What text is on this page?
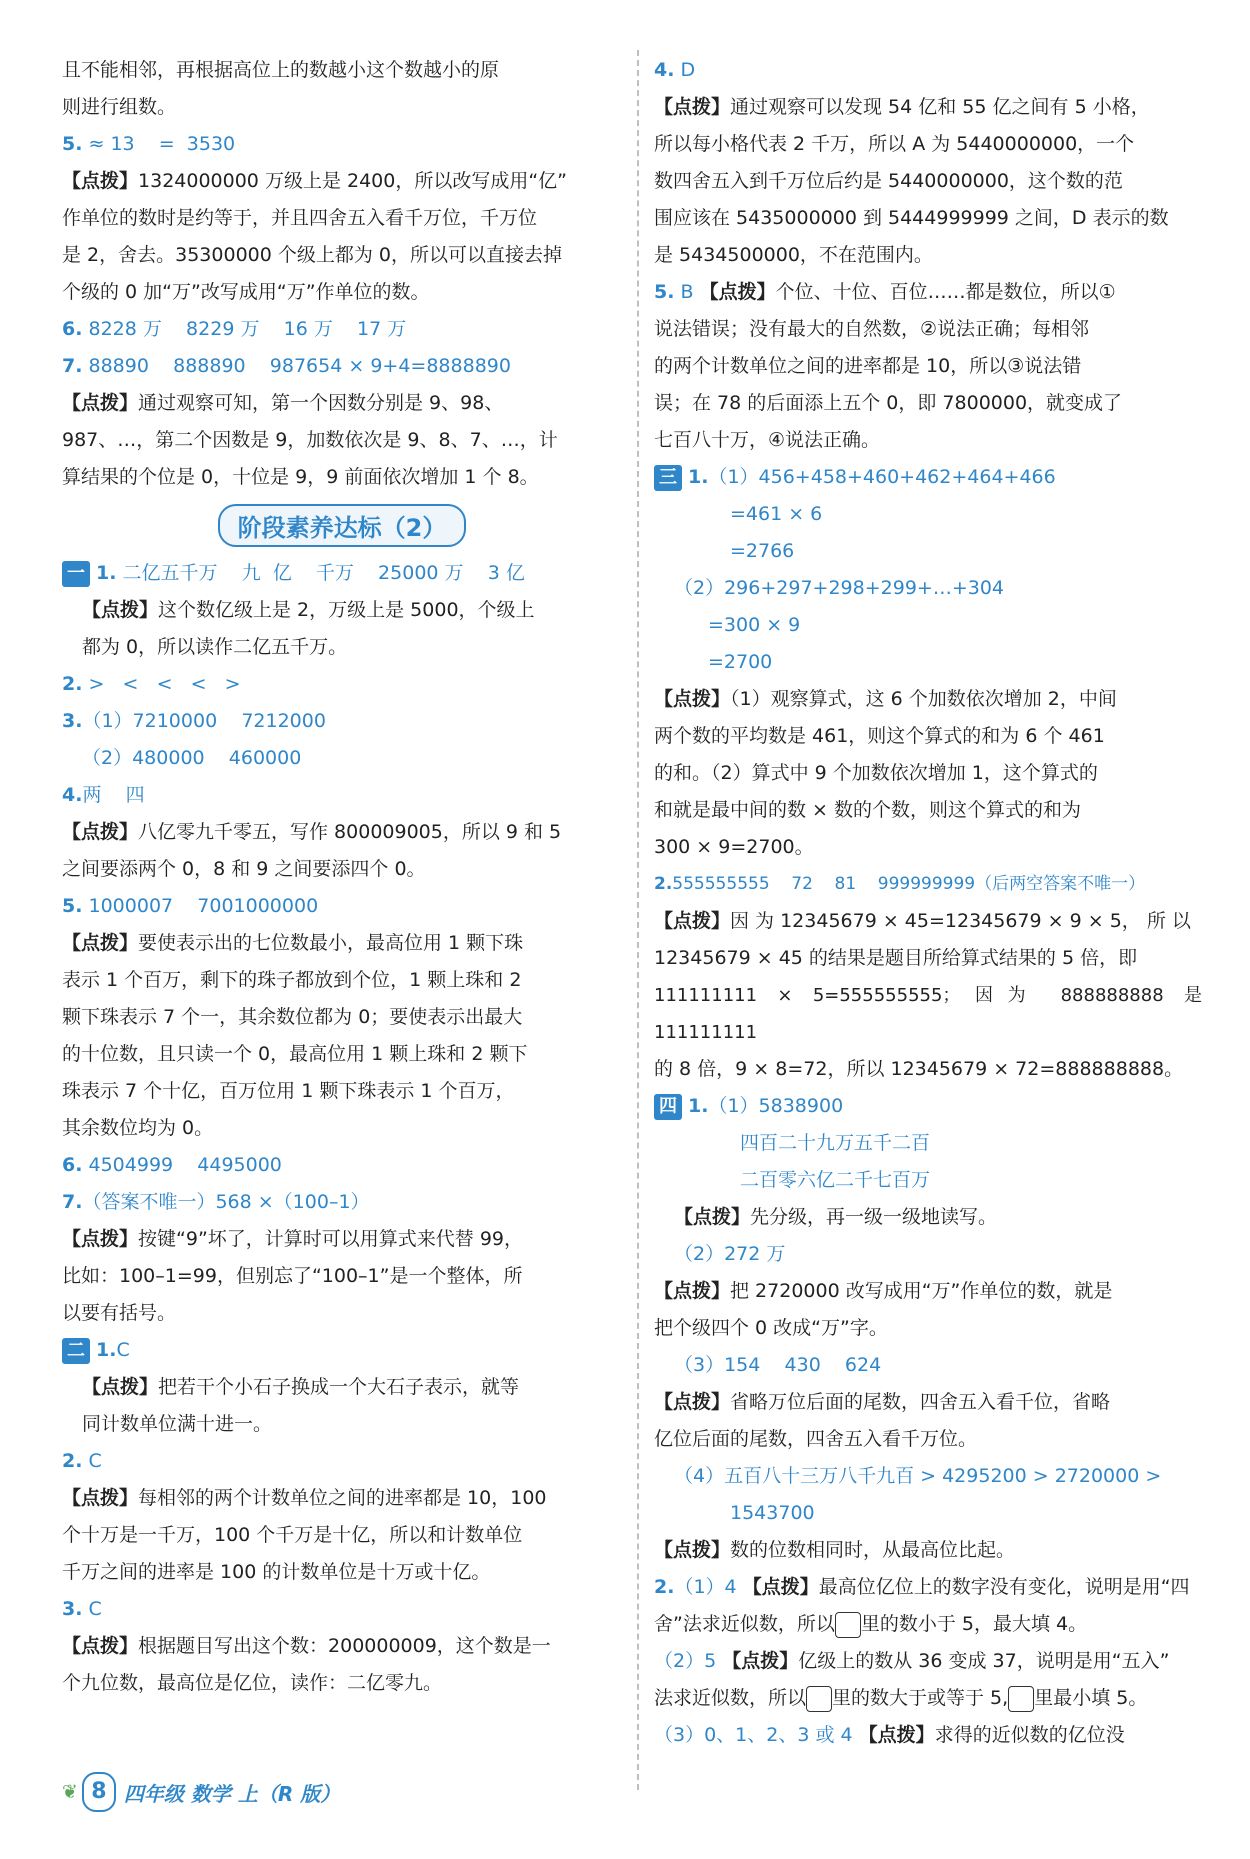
且不能相邻，再根据高位上的数越小这个数越小的原

则进行组数。

5. ≈ 13    =  3530

【点拨】1324000000 万级上是 2400，所以改写成用“亿”

作单位的数时是约等于，并且四舍五入看千万位，千万位

是 2，舍去。35300000 个级上都为 0，所以可以直接去掉

个级的 0 加“万”改写成用“万”作单位的数。

6. 8228 万    8229 万    16 万    17 万

7. 88890    888890    987654 × 9+4=8888890

【点拨】通过观察可知，第一个因数分别是 9、98、

987、…，第二个因数是 9，加数依次是 9、8、7、…，计

算结果的个位是 0，十位是 9，9 前面依次增加 1 个 8。

阶段素养达标（2）

一 1. 二亿五千万    九  亿    千万    25000 万    3 亿

【点拨】这个数亿级上是 2，万级上是 5000，个级上

都为 0，所以读作二亿五千万。

2. >   <   <   <   >

3.（1）7210000    7212000

（2）480000    460000

4.两    四

【点拨】八亿零九千零五，写作 800009005，所以 9 和 5

之间要添两个 0，8 和 9 之间要添四个 0。

5. 1000007    7001000000

【点拨】要使表示出的七位数最小，最高位用 1 颗下珠

表示 1 个百万，剩下的珠子都放到个位，1 颗上珠和 2

颗下珠表示 7 个一，其余数位都为 0；要使表示出最大

的十位数，且只读一个 0，最高位用 1 颗上珠和 2 颗下

珠表示 7 个十亿，百万位用 1 颗下珠表示 1 个百万，

其余数位均为 0。

6. 4504999    4495000

7.（答案不唯一）568 ×（100–1）

【点拨】按键“9”坏了，计算时可以用算式来代替 99，

比如：100–1=99，但别忘了“100–1”是一个整体，所

以要有括号。

二 1.C

【点拨】把若干个小石子换成一个大石子表示，就等

同计数单位满十进一。

2. C

【点拨】每相邻的两个计数单位之间的进率都是 10，100

个十万是一千万，100 个千万是十亿，所以和计数单位

千万之间的进率是 100 的计数单位是十万或十亿。

3. C

【点拨】根据题目写出这个数：200000009，这个数是一

个九位数，最高位是亿位，读作：二亿零九。

4. D

【点拨】通过观察可以发现 54 亿和 55 亿之间有 5 小格，

所以每小格代表 2 千万，所以 A 为 5440000000，一个

数四舍五入到千万位后约是 5440000000，这个数的范

围应该在 5435000000 到 5444999999 之间，D 表示的数

是 5434500000，不在范围内。

5. B 【点拨】个位、十位、百位……都是数位，所以①

说法错误；没有最大的自然数，②说法正确；每相邻

的两个计数单位之间的进率都是 10，所以③说法错

误；在 78 的后面添上五个 0，即 7800000，就变成了

七百八十万，④说法正确。

三 1.（1）456+458+460+462+464+466

=461 × 6

=2766

（2）296+297+298+299+…+304

=300 × 9

=2700

【点拨】（1）观察算式，这 6 个加数依次增加 2，中间

两个数的平均数是 461，则这个算式的和为 6 个 461

的和。（2）算式中 9 个加数依次增加 1，这个算式的

和就是最中间的数 × 数的个数，则这个算式的和为

300 × 9=2700。

2.555555555    72    81    999999999（后两空答案不唯一）

【点拨】因 为 12345679 × 45=12345679 × 9 × 5， 所 以

12345679 × 45 的结果是题目所给算式结果的 5 倍，即

111111111 × 5=555555555；因为 888888888 是 111111111

的 8 倍，9 × 8=72，所以 12345679 × 72=888888888。

四 1.（1）5838900

四百二十九万五千二百

二百零六亿二千七百万

【点拨】先分级，再一级一级地读写。

（2）272 万

【点拨】把 2720000 改写成用“万”作单位的数，就是

把个级四个 0 改成“万”字。

（3）154    430    624

【点拨】省略万位后面的尾数，四舍五入看千位，省略

亿位后面的尾数，四舍五入看千万位。

（4）五百八十三万八千九百 > 4295200 > 2720000 >

1543700

【点拨】数的位数相同时，从最高位比起。

2.（1）4 【点拨】最高位亿位上的数字没有变化，说明是用“四

舍”法求近似数，所以 里的数小于 5，最大填 4。

（2）5 【点拨】亿级上的数从 36 变成 37，说明是用“五入”

法求近似数，所以 里的数大于或等于 5, 里最小填 5。

（3）0、1、2、3 或 4 【点拨】求得的近似数的亿位没

❦ 8 四年级 数学 上（R 版）
